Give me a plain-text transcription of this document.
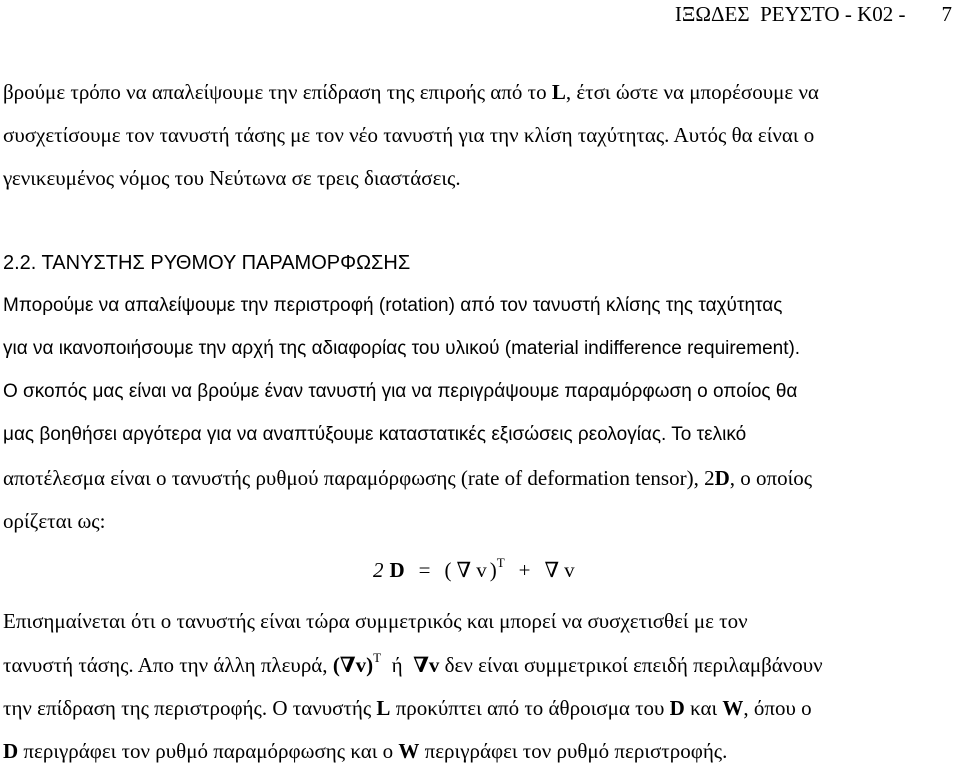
ΙΞΩΔΕΣ  ΡΕΥΣΤΟ - Κ02 - 7
βρούμε τρόπο να απαλείψουμε την επίδραση της επιροής από το L, έτσι ώστε να μπορέσουμε να
συσχετίσουμε τον τανυστή τάσης με τον νέο τανυστή για την κλίση ταχύτητας. Αυτός θα είναι ο
γενικευμένος νόμος του Νεύτωνα σε τρεις διαστάσεις.
2.2. ΤΑΝΥΣΤΗΣ ΡΥΘΜΟΥ ΠΑΡΑΜΟΡΦΩΣΗΣ
Μπορούμε να απαλείψουμε την περιστροφή (rotation) από τον τανυστή κλίσης της ταχύτητας
για να ικανοποιήσουμε την αρχή της αδιαφορίας του υλικού (material indifference requirement).
Ο σκοπός μας είναι να βρούμε έναν τανυστή για να περιγράψουμε παραμόρφωση ο οποίος θα
μας βοηθήσει αργότερα για να αναπτύξουμε καταστατικές εξισώσεις ρεολογίας. Το τελικό
αποτέλεσμα είναι ο τανυστής ρυθμού παραμόρφωσης (rate of deformation tensor), 2D, ο οποίος
ορίζεται ως:
2 D = ( ∇ v )$^T$ + ∇ v
Επισημαίνεται ότι ο τανυστής είναι τώρα συμμετρικός και μπορεί να συσχετισθεί με τον
τανυστή τάσης. Απο την άλλη πλευρά, $(\nabla v)^T$  ή  ∇v δεν είναι συμμετρικοί επειδή περιλαμβάνουν
την επίδραση της περιστροφής. Ο τανυστής L προκύπτει από το άθροισμα του D και W, όπου ο
D περιγράφει τον ρυθμό παραμόρφωσης και ο W περιγράφει τον ρυθμό περιστροφής.
